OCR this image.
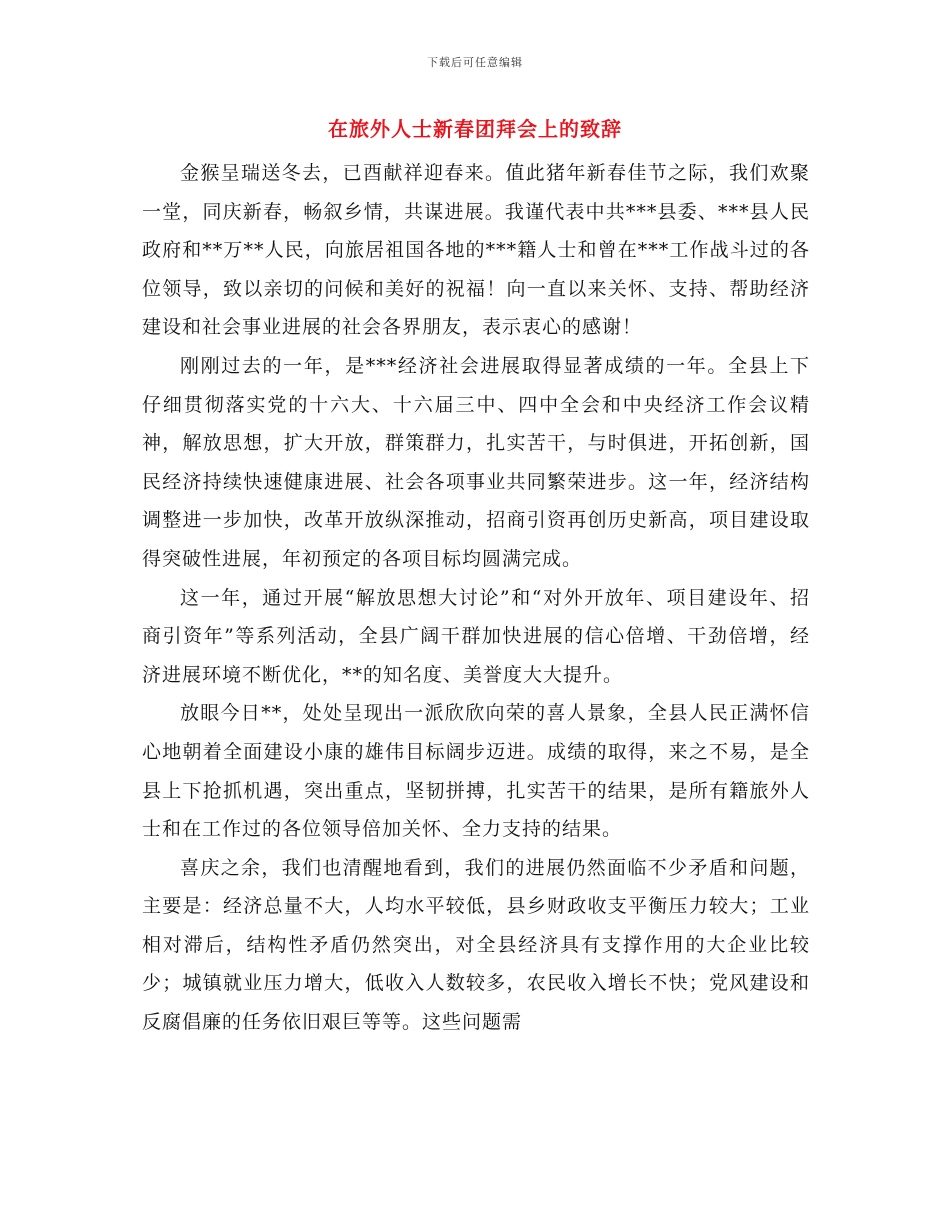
下载后可任意编辑
在旅外人士新春团拜会上的致辞

金猴呈瑞送冬去，已酉献祥迎春来。值此猪年新春佳节之际，我们欢聚一堂，同庆新春，畅叙乡情，共谋进展。我谨代表中共***县委、***县人民政府和**万**人民，向旅居祖国各地的***籍人士和曾在***工作战斗过的各位领导，致以亲切的问候和美好的祝福！向一直以来关怀、支持、帮助经济建设和社会事业进展的社会各界朋友，表示衷心的感谢！

刚刚过去的一年，是***经济社会进展取得显著成绩的一年。全县上下仔细贯彻落实党的十六大、十六届三中、四中全会和中央经济工作会议精神，解放思想，扩大开放，群策群力，扎实苦干，与时俱进，开拓创新，国民经济持续快速健康进展、社会各项事业共同繁荣进步。这一年，经济结构调整进一步加快，改革开放纵深推动，招商引资再创历史新高，项目建设取得突破性进展，年初预定的各项目标均圆满完成。

这一年，通过开展“解放思想大讨论”和“对外开放年、项目建设年、招商引资年”等系列活动，全县广阔干群加快进展的信心倍增、干劲倍增，经济进展环境不断优化，**的知名度、美誉度大大提升。

放眼今日**，处处呈现出一派欣欣向荣的喜人景象，全县人民正满怀信心地朝着全面建设小康的雄伟目标阔步迈进。成绩的取得，来之不易，是全县上下抢抓机遇，突出重点，坚韧拼搏，扎实苦干的结果，是所有籍旅外人士和在工作过的各位领导倍加关怀、全力支持的结果。

喜庆之余，我们也清醒地看到，我们的进展仍然面临不少矛盾和问题，主要是：经济总量不大，人均水平较低，县乡财政收支平衡压力较大；工业相对滞后，结构性矛盾仍然突出，对全县经济具有支撑作用的大企业比较少；城镇就业压力增大，低收入人数较多，农民收入增长不快；党风建设和反腐倡廉的任务依旧艰巨等等。这些问题需
